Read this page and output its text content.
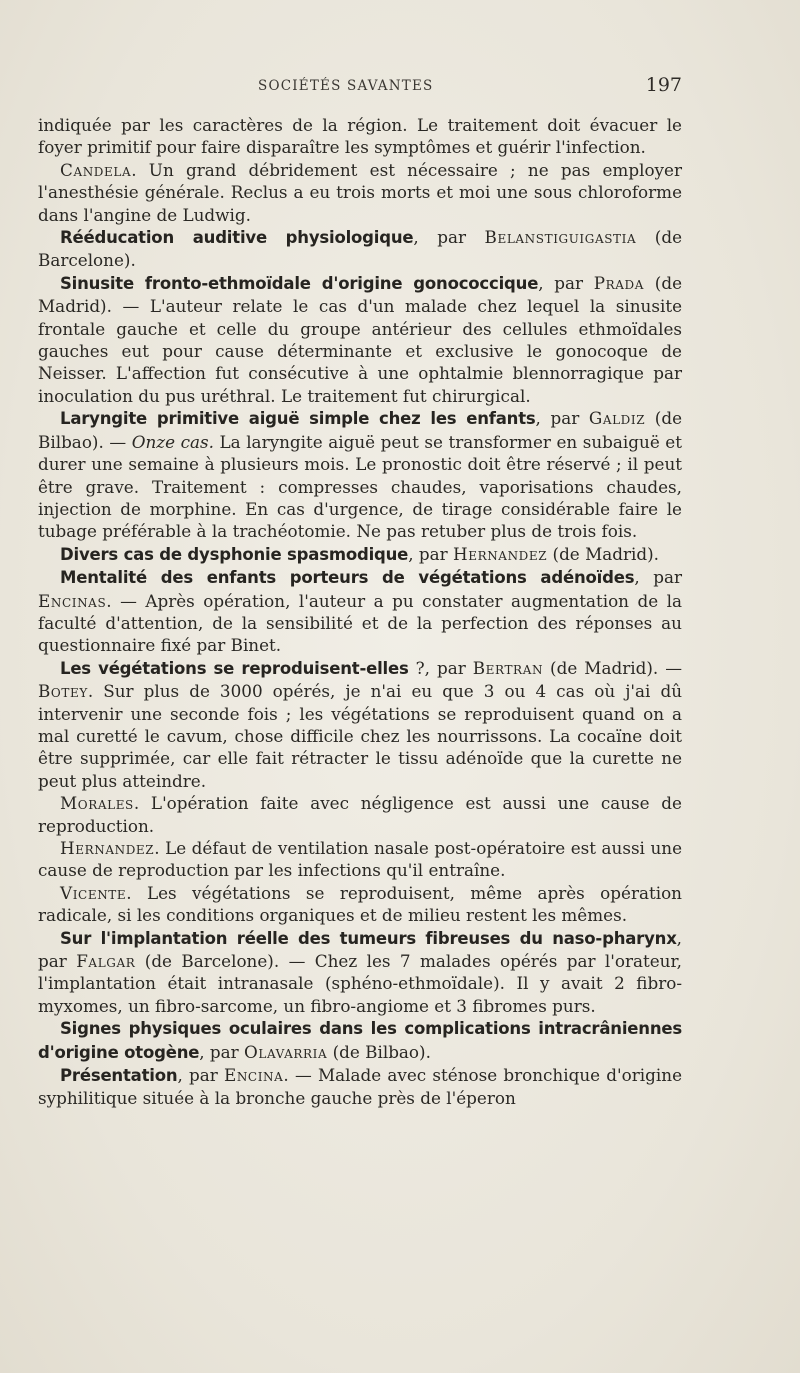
SOCIÉTÉS SAVANTES	197

indiquée par les caractères de la région. Le traitement doit évacuer le foyer primitif pour faire disparaître les symptômes et guérir l'infection.

Candela. Un grand débridement est nécessaire ; ne pas employer l'anesthésie générale. Reclus a eu trois morts et moi une sous chloroforme dans l'angine de Ludwig.

Rééducation auditive physiologique, par Belanstiguigastia (de Barcelone).

Sinusite fronto-ethmoïdale d'origine gonococcique, par Prada (de Madrid). — L'auteur relate le cas d'un malade chez lequel la sinusite frontale gauche et celle du groupe antérieur des cellules ethmoïdales gauches eut pour cause déterminante et exclusive le gonocoque de Neisser. L'affection fut consécutive à une ophtalmie blennorragique par inoculation du pus uréthral. Le traitement fut chirurgical.

Laryngite primitive aiguë simple chez les enfants, par Galdiz (de Bilbao). — Onze cas. La laryngite aiguë peut se transformer en subaiguë et durer une semaine à plusieurs mois. Le pronostic doit être réservé ; il peut être grave. Traitement : compresses chaudes, vaporisations chaudes, injection de morphine. En cas d'urgence, de tirage considérable faire le tubage préférable à la trachéotomie. Ne pas retuber plus de trois fois.

Divers cas de dysphonie spasmodique, par Hernandez (de Madrid).

Mentalité des enfants porteurs de végétations adénoïdes, par Encinas. — Après opération, l'auteur a pu constater augmentation de la faculté d'attention, de la sensibilité et de la perfection des réponses au questionnaire fixé par Binet.

Les végétations se reproduisent-elles ?, par Bertran (de Madrid). — Botey. Sur plus de 3000 opérés, je n'ai eu que 3 ou 4 cas où j'ai dû intervenir une seconde fois ; les végétations se reproduisent quand on a mal curetté le cavum, chose difficile chez les nourrissons. La cocaïne doit être supprimée, car elle fait rétracter le tissu adénoïde que la curette ne peut plus atteindre.

Morales. L'opération faite avec négligence est aussi une cause de reproduction.

Hernandez. Le défaut de ventilation nasale post-opératoire est aussi une cause de reproduction par les infections qu'il entraîne.

Vicente. Les végétations se reproduisent, même après opération radicale, si les conditions organiques et de milieu restent les mêmes.

Sur l'implantation réelle des tumeurs fibreuses du naso-pharynx, par Falgar (de Barcelone). — Chez les 7 malades opérés par l'orateur, l'implantation était intranasale (sphéno-ethmoïdale). Il y avait 2 fibro-myxomes, un fibro-sarcome, un fibro-angiome et 3 fibromes purs.

Signes physiques oculaires dans les complications intracrâniennes d'origine otogène, par Olavarria (de Bilbao).

Présentation, par Encina. — Malade avec sténose bronchique d'origine syphilitique située à la bronche gauche près de l'éperon
